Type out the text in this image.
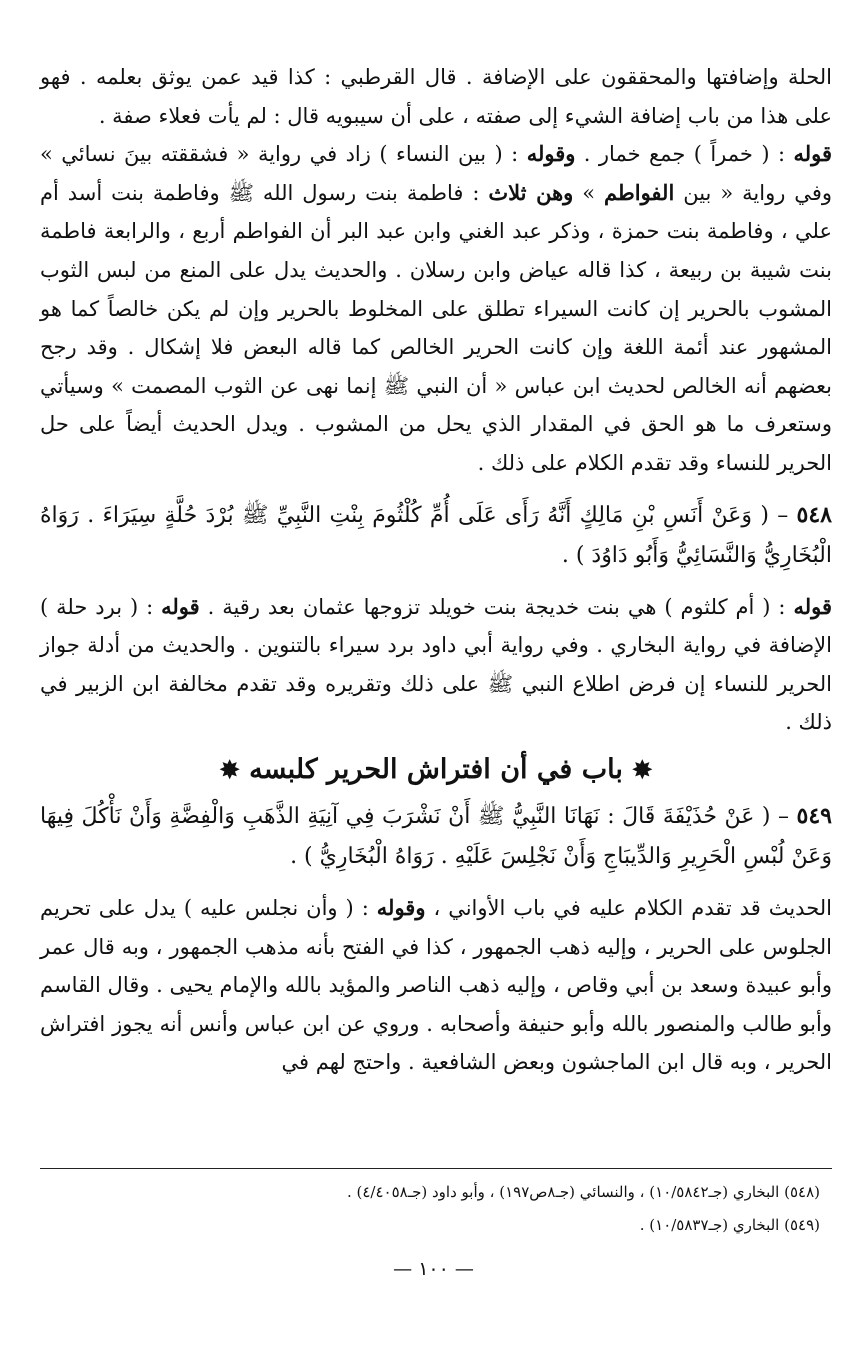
الحلة وإضافتها والمحققون على الإضافة . قال القرطبي : كذا قيد عمن يوثق بعلمه . فهو على هذا من باب إضافة الشيء إلى صفته ، على أن سيبويه قال : لم يأت فعلاء صفة .

قوله : ( خمراً ) جمع خمار . وقوله : ( بين النساء ) زاد في رواية « فشققته بينَ نسائي » وفي رواية « بين الفواطم » وهن ثلاث : فاطمة بنت رسول الله ﷺ وفاطمة بنت أسد أم علي ، وفاطمة بنت حمزة ، وذكر عبد الغني وابن عبد البر أن الفواطم أربع ، والرابعة فاطمة بنت شيبة بن ربيعة ، كذا قاله عياض وابن رسلان . والحديث يدل على المنع من لبس الثوب المشوب بالحرير إن كانت السيراء تطلق على المخلوط بالحرير وإن لم يكن خالصاً كما هو المشهور عند أئمة اللغة وإن كانت الحرير الخالص كما قاله البعض فلا إشكال . وقد رجح بعضهم أنه الخالص لحديث ابن عباس « أن النبي ﷺ إنما نهى عن الثوب المصمت » وسيأتي وستعرف ما هو الحق في المقدار الذي يحل من المشوب . ويدل الحديث أيضاً على حل الحرير للنساء وقد تقدم الكلام على ذلك .

٥٤٨ – ( وَعَنْ أَنَسِ بْنِ مَالِكٍ أَنَّهُ رَأَى عَلَى أُمِّ كُلْثُومَ بِنْتِ النَّبِيِّ ﷺ بُرْدَ حُلَّةٍ سِيَرَاءَ . رَوَاهُ الْبُخَارِيُّ وَالنَّسَائِيُّ وَأَبُو دَاوُدَ ) .

قوله : ( أم كلثوم ) هي بنت خديجة بنت خويلد تزوجها عثمان بعد رقية . قوله : ( برد حلة ) الإضافة في رواية البخاري . وفي رواية أبي داود برد سيراء بالتنوين . والحديث من أدلة جواز الحرير للنساء إن فرض اطلاع النبي ﷺ على ذلك وتقريره وقد تقدم مخالفة ابن الزبير في ذلك .

✸ باب في أن افتراش الحرير كلبسه ✸

٥٤٩ – ( عَنْ حُذَيْفَةَ قَالَ : نَهَانَا النَّبِيُّ ﷺ أَنْ نَشْرَبَ فِي آنِيَةِ الذَّهَبِ وَالْفِضَّةِ وَأَنْ نَأْكُلَ فِيهَا وَعَنْ لُبْسِ الْحَرِيرِ وَالدِّيبَاجِ وَأَنْ نَجْلِسَ عَلَيْهِ . رَوَاهُ الْبُخَارِيُّ ) .

الحديث قد تقدم الكلام عليه في باب الأواني ، وقوله : ( وأن نجلس عليه ) يدل على تحريم الجلوس على الحرير ، وإليه ذهب الجمهور ، كذا في الفتح بأنه مذهب الجمهور ، وبه قال عمر وأبو عبيدة وسعد بن أبي وقاص ، وإليه ذهب الناصر والمؤيد بالله والإمام يحيى . وقال القاسم وأبو طالب والمنصور بالله وأبو حنيفة وأصحابه . وروي عن ابن عباس وأنس أنه يجوز افتراش الحرير ، وبه قال ابن الماجشون وبعض الشافعية . واحتج لهم في

(٥٤٨) البخاري (جـ١٠/٥٨٤٢) ، والنسائي (جـ٨ص١٩٧) ، وأبو داود (جـ٤/٤٠٥٨) .

(٥٤٩) البخاري (جـ١٠/٥٨٣٧) .

— ١٠٠ —
